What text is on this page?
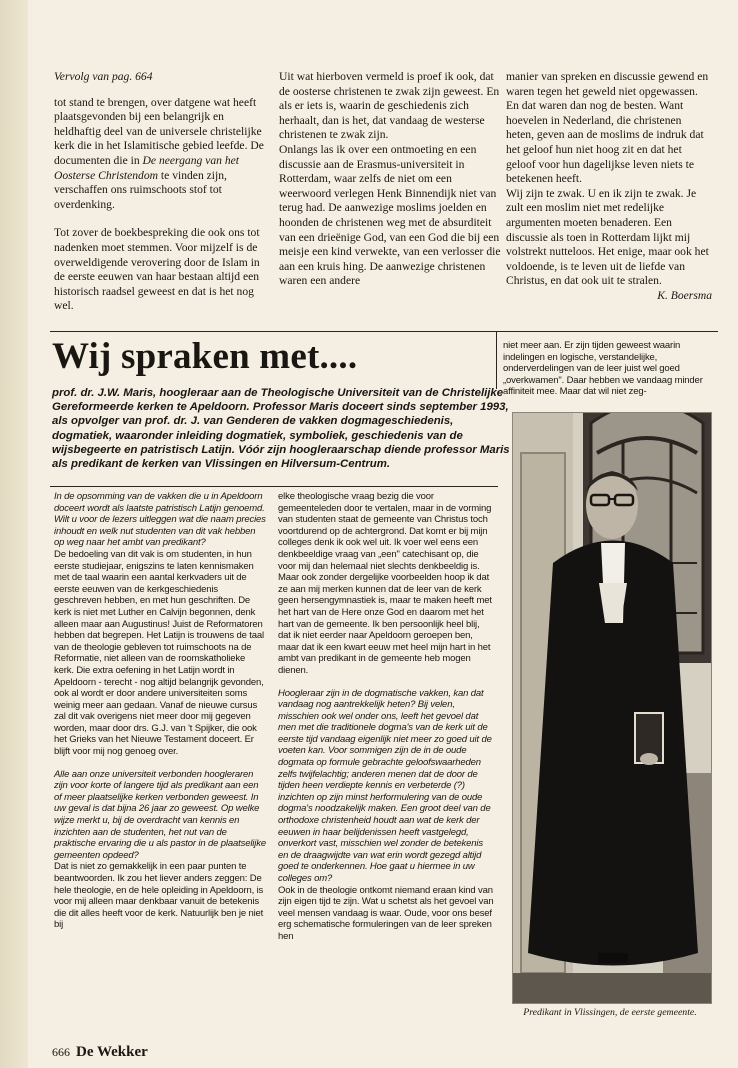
Vervolg van pag. 664

tot stand te brengen, over datgene wat heeft plaatsgevonden bij een belangrijk en heldhaftig deel van de universele christelijke kerk die in het Islamitische gebied leefde. De documenten die in De neergang van het Oosterse Christendom te vinden zijn, verschaffen ons ruimschoots stof tot overdenking.

Tot zover de boekbespreking die ook ons tot nadenken moet stemmen. Voor mijzelf is de overweldigende verovering door de Islam in de eerste eeuwen van haar bestaan altijd een historisch raadsel geweest en dat is het nog wel.

Uit wat hierboven vermeld is proef ik ook, dat de oosterse christenen te zwak zijn geweest. En als er iets is, waarin de geschiedenis zich herhaalt, dan is het, dat vandaag de westerse christenen te zwak zijn.

Onlangs las ik over een ontmoeting en een discussie aan de Erasmus-universiteit in Rotterdam, waar zelfs de niet om een weerwoord verlegen Henk Binnendijk niet van terug had. De aanwezige moslims joelden en hoonden de christenen weg met de absurditeit van een drieënige God, van een God die bij een meisje een kind verwekte, van een verlosser die aan een kruis hing. De aanwezige christenen waren een andere

manier van spreken en discussie gewend en waren tegen het geweld niet opgewassen. En dat waren dan nog de besten. Want hoevelen in Nederland, die christenen heten, geven aan de moslims de indruk dat het geloof hun niet hoog zit en dat het geloof voor hun dagelijkse leven niets te betekenen heeft.

Wij zijn te zwak. U en ik zijn te zwak. Je zult een moslim niet met redelijke argumenten moeten benaderen. Een discussie als toen in Rotterdam lijkt mij volstrekt nutteloos. Het enige, maar ook het voldoende, is te leven uit de liefde van Christus, en dat ook uit te stralen.

K. Boersma

Wij spraken met....
prof. dr. J.W. Maris, hoogleraar aan de Theologische Universiteit van de Christelijke Gereformeerde kerken te Apeldoorn. Professor Maris doceert sinds september 1993, als opvolger van prof. dr. J. van Genderen de vakken dogmageschiedenis, dogmatiek, waaronder inleiding dogmatiek, symboliek, geschiedenis van de wijsbegeerte en patristisch Latijn. Vóór zijn hoogleraarschap diende professor Maris als predikant de kerken van Vlissingen en Hilversum-Centrum.

In de opsomming van de vakken die u in Apeldoorn doceert wordt als laatste patristisch Latijn genoemd. Wilt u voor de lezers uitleggen wat die naam precies inhoudt en welk nut studenten van dit vak hebben op weg naar het ambt van predikant?

De bedoeling van dit vak is om studenten, in hun eerste studiejaar, enigszins te laten kennismaken met de taal waarin een aantal kerkvaders uit de eerste eeuwen van de kerkgeschiedenis geschreven hebben, en met hun geschriften. De kerk is niet met Luther en Calvijn begonnen, denk alleen maar aan Augustinus! Juist de Reformatoren hebben dat begrepen. Het Latijn is trouwens de taal van de theologie gebleven tot ruimschoots na de Reformatie, niet alleen van de roomskatholieke kerk. Die extra oefening in het Latijn wordt in Apeldoorn - terecht - nog altijd belangrijk gevonden, ook al wordt er door andere universiteiten soms weinig meer aan gedaan. Vanaf de nieuwe cursus zal dit vak overigens niet meer door mij gegeven worden, maar door drs. G.J. van 't Spijker, die ook het Grieks van het Nieuwe Testament doceert. Er blijft voor mij nog genoeg over.

Alle aan onze universiteit verbonden hoogleraren zijn voor korte of langere tijd als predikant aan een of meer plaatselijke kerken verbonden geweest. In uw geval is dat bijna 26 jaar zo geweest. Op welke wijze merkt u, bij de overdracht van kennis en inzichten aan de studenten, het nut van de praktische ervaring die u als pastor in de plaatselijke gemeenten opdeed?

Dat is niet zo gemakkelijk in een paar punten te beantwoorden. Ik zou het liever anders zeggen: De hele theologie, en de hele opleiding in Apeldoorn, is voor mij alleen maar denkbaar vanuit de betekenis die dit alles heeft voor de kerk. Natuurlijk ben je niet bij

elke theologische vraag bezig die voor gemeenteleden door te vertalen, maar in de vorming van studenten staat de gemeente van Christus toch voortdurend op de achtergrond. Dat komt er bij mijn colleges denk ik ook wel uit. Ik voer wel eens een denkbeeldige vraag van „een" catechisant op, die voor mij dan helemaal niet slechts denkbeeldig is. Maar ook zonder dergelijke voorbeelden hoop ik dat ze aan mij merken kunnen dat de leer van de kerk geen hersengymnastiek is, maar te maken heeft met het hart van de Here onze God en daarom met het hart van de gemeente. Ik ben persoonlijk heel blij, dat ik niet eerder naar Apeldoorn geroepen ben, maar dat ik een kwart eeuw met heel mijn hart in het ambt van predikant in de gemeente heb mogen dienen.

Hoogleraar zijn in de dogmatische vakken, kan dat vandaag nog aantrekkelijk heten? Bij velen, misschien ook wel onder ons, leeft het gevoel dat men met die traditionele dogma's van de kerk uit de eerste tijd vandaag eigenlijk niet meer zo goed uit de voeten kan. Voor sommigen zijn de in de oude dogmata op formule gebrachte geloofswaarheden zelfs twijfelachtig; anderen menen dat de door de tijden heen verdiepte kennis en verbeterde (?) inzichten op zijn minst herformulering van de oude dogma's noodzakelijk maken. Een groot deel van de orthodoxe christenheid houdt aan wat de kerk der eeuwen in haar belijdenissen heeft vastgelegd, onverkort vast, misschien wel zonder de betekenis en de draagwijdte van wat erin wordt gezegd altijd goed te onderkennen. Hoe gaat u hiermee in uw colleges om?

Ook in de theologie ontkomt niemand eraan kind van zijn eigen tijd te zijn. Wat u schetst als het gevoel van veel mensen vandaag is waar. Oude, voor ons besef erg schematische formuleringen van de leer spreken hen

niet meer aan. Er zijn tijden geweest waarin indelingen en logische, verstandelijke, onderverdelingen van de leer juist wel goed „overkwamen". Daar hebben we vandaag minder affiniteit mee. Maar dat wil niet zeg-

Predikant in Vlissingen, de eerste gemeente.
666 De Wekker
